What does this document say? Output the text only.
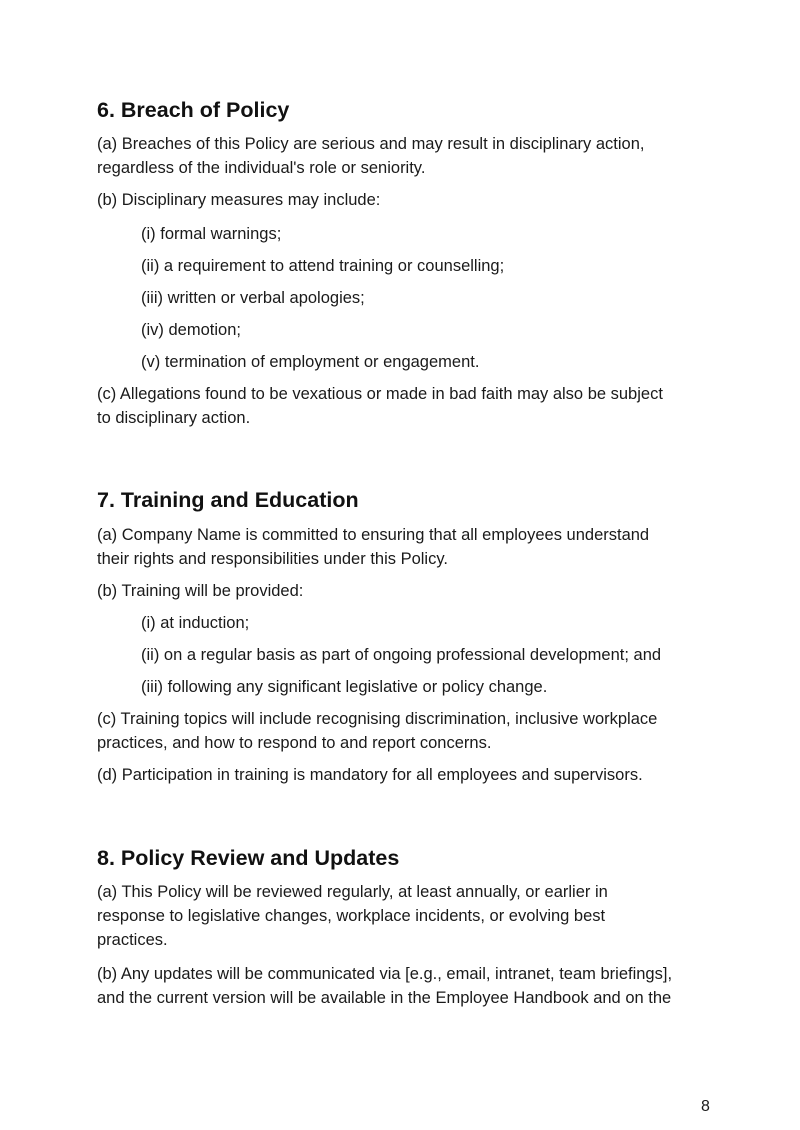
6. Breach of Policy
(a) Breaches of this Policy are serious and may result in disciplinary action,
regardless of the individual's role or seniority.
(b) Disciplinary measures may include:
(i) formal warnings;
(ii) a requirement to attend training or counselling;
(iii) written or verbal apologies;
(iv) demotion;
(v) termination of employment or engagement.
(c) Allegations found to be vexatious or made in bad faith may also be subject
to disciplinary action.
7. Training and Education
(a) Company Name is committed to ensuring that all employees understand
their rights and responsibilities under this Policy.
(b) Training will be provided:
(i) at induction;
(ii) on a regular basis as part of ongoing professional development; and
(iii) following any significant legislative or policy change.
(c) Training topics will include recognising discrimination, inclusive workplace
practices, and how to respond to and report concerns.
(d) Participation in training is mandatory for all employees and supervisors.
8. Policy Review and Updates
(a) This Policy will be reviewed regularly, at least annually, or earlier in
response to legislative changes, workplace incidents, or evolving best
practices.
(b) Any updates will be communicated via [e.g., email, intranet, team briefings],
and the current version will be available in the Employee Handbook and on the
8
